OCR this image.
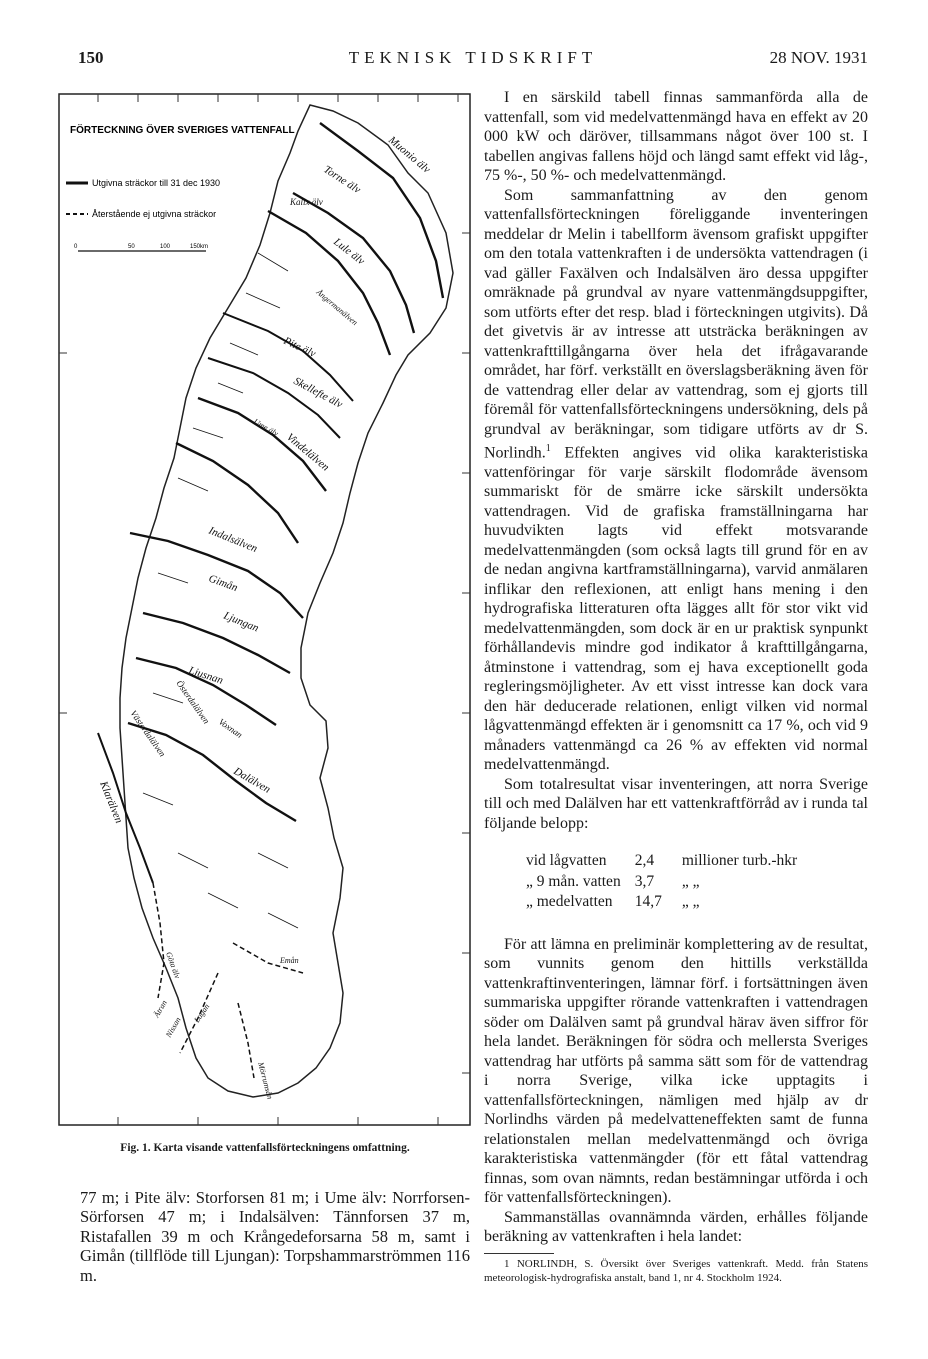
150	TEKNISK TIDSKRIFT	28 NOV. 1931
FÖRTECKNING ÖVER SVERIGES VATTENFALL
Utgivna sträckor till 31 dec 1930
Återstående ej utgivna sträckor
0	50	100	150km
Muonio älv
Torne älv
Kalix älv
Lule älv
Ångermanälven
Pite älv
Skellefte älv
Vindelälven
Ume älv
Indalsälven
Dalälven
Ljusnan
Gimån
Ljungan
Voxnan
Klarälven
Österdalälven
Västerdalälven
Göta älv	Emån
Lagan
Nissan
Ätran
Mörrumsån
Fig. 1. Karta visande vattenfallsförteckningens omfattning.
77 m; i Pite älv: Storforsen 81 m; i Ume älv: Norrforsen-Sörforsen 47 m; i Indalsälven: Tännforsen 37 m, Ristafallen 39 m och Krångedeforsarna 58 m, samt i Gimån (tillflöde till Ljungan): Torpshammarströmmen 116 m.

I en särskild tabell finnas sammanförda alla de vattenfall, som vid medelvattenmängd hava en effekt av 20 000 kW och däröver, tillsammans något över 100 st. I tabellen angivas fallens höjd och längd samt effekt vid låg-, 75 %-, 50 %- och medelvattenmängd.

Som sammanfattning av den genom vattenfallsförteckningen föreliggande inventeringen meddelar dr Melin i tabellform ävensom grafiskt uppgifter om den totala vattenkraften i de undersökta vattendragen (i vad gäller Faxälven och Indalsälven äro dessa uppgifter omräknade på grundval av nyare vattenmängdsuppgifter, som utförts efter det resp. blad i förteckningen utgivits). Då det givetvis är av intresse att utsträcka beräkningen av vattenkrafttillgångarna över hela det ifrågavarande området, har förf. verkställt en överslagsberäkning även för de vattendrag eller delar av vattendrag, som ej gjorts till föremål för vattenfallsförteckningens undersökning, dels på grundval av beräkningar, som tidigare utförts av dr S. Norlindh.$^1$ Effekten angives vid olika karakteristiska vattenföringar för varje särskilt flodområde ävensom summariskt för de smärre icke särskilt undersökta vattendragen. Vid de grafiska framställningarna har huvudvikten lagts vid effekt motsvarande medelvattenmängden (som också lagts till grund för en av de nedan angivna kartframställningarna), varvid anmälaren inflikar den reflexionen, att enligt hans mening i den hydrografiska litteraturen ofta lägges allt för stor vikt vid medelvattenmängden, som dock är en ur praktisk synpunkt förhållandevis mindre god indikator å krafttillgångarna, åtminstone i vattendrag, som ej hava exceptionellt goda regleringsmöjligheter. Av ett visst intresse kan dock vara den här deducerade relationen, enligt vilken vid normal lågvattenmängd effekten är i genomsnitt ca 17 %, och vid 9 månaders vattenmängd ca 26 % av effekten vid normal medelvattenmängd.

Som totalresultat visar inventeringen, att norra Sverige till och med Dalälven har ett vattenkraftförråd av i runda tal följande belopp:

vid lågvatten	2,4	millioner turb.-hkr
„ 9 mån. vatten	3,7	„ „
„ medelvatten	14,7	„ „

För att lämna en preliminär komplettering av de resultat, som vunnits genom den hittills verkställda vattenkraftinventeringen, lämnar förf. i fortsättningen även summariska uppgifter rörande vattenkraften i vattendragen söder om Dalälven samt på grundval härav även siffror för hela landet. Beräkningen för södra och mellersta Sveriges vattendrag har utförts på samma sätt som för de vattendrag i norra Sverige, vilka icke upptagits i vattenfallsförteckningen, nämligen med hjälp av dr Norlindhs värden på medelvatteneffekten samt de funna relationstalen mellan medelvattenmängd och övriga karakteristiska vattenmängder (för ett fåtal vattendrag finnas, som ovan nämnts, redan bestämningar utförda i och för vattenfallsförteckningen).

Sammanställas ovannämnda värden, erhålles följande beräkning av vattenkraften i hela landet:

1 NORLINDH, S. Översikt över Sveriges vattenkraft. Medd. från Statens meteorologisk-hydrografiska anstalt, band 1, nr 4. Stockholm 1924.
